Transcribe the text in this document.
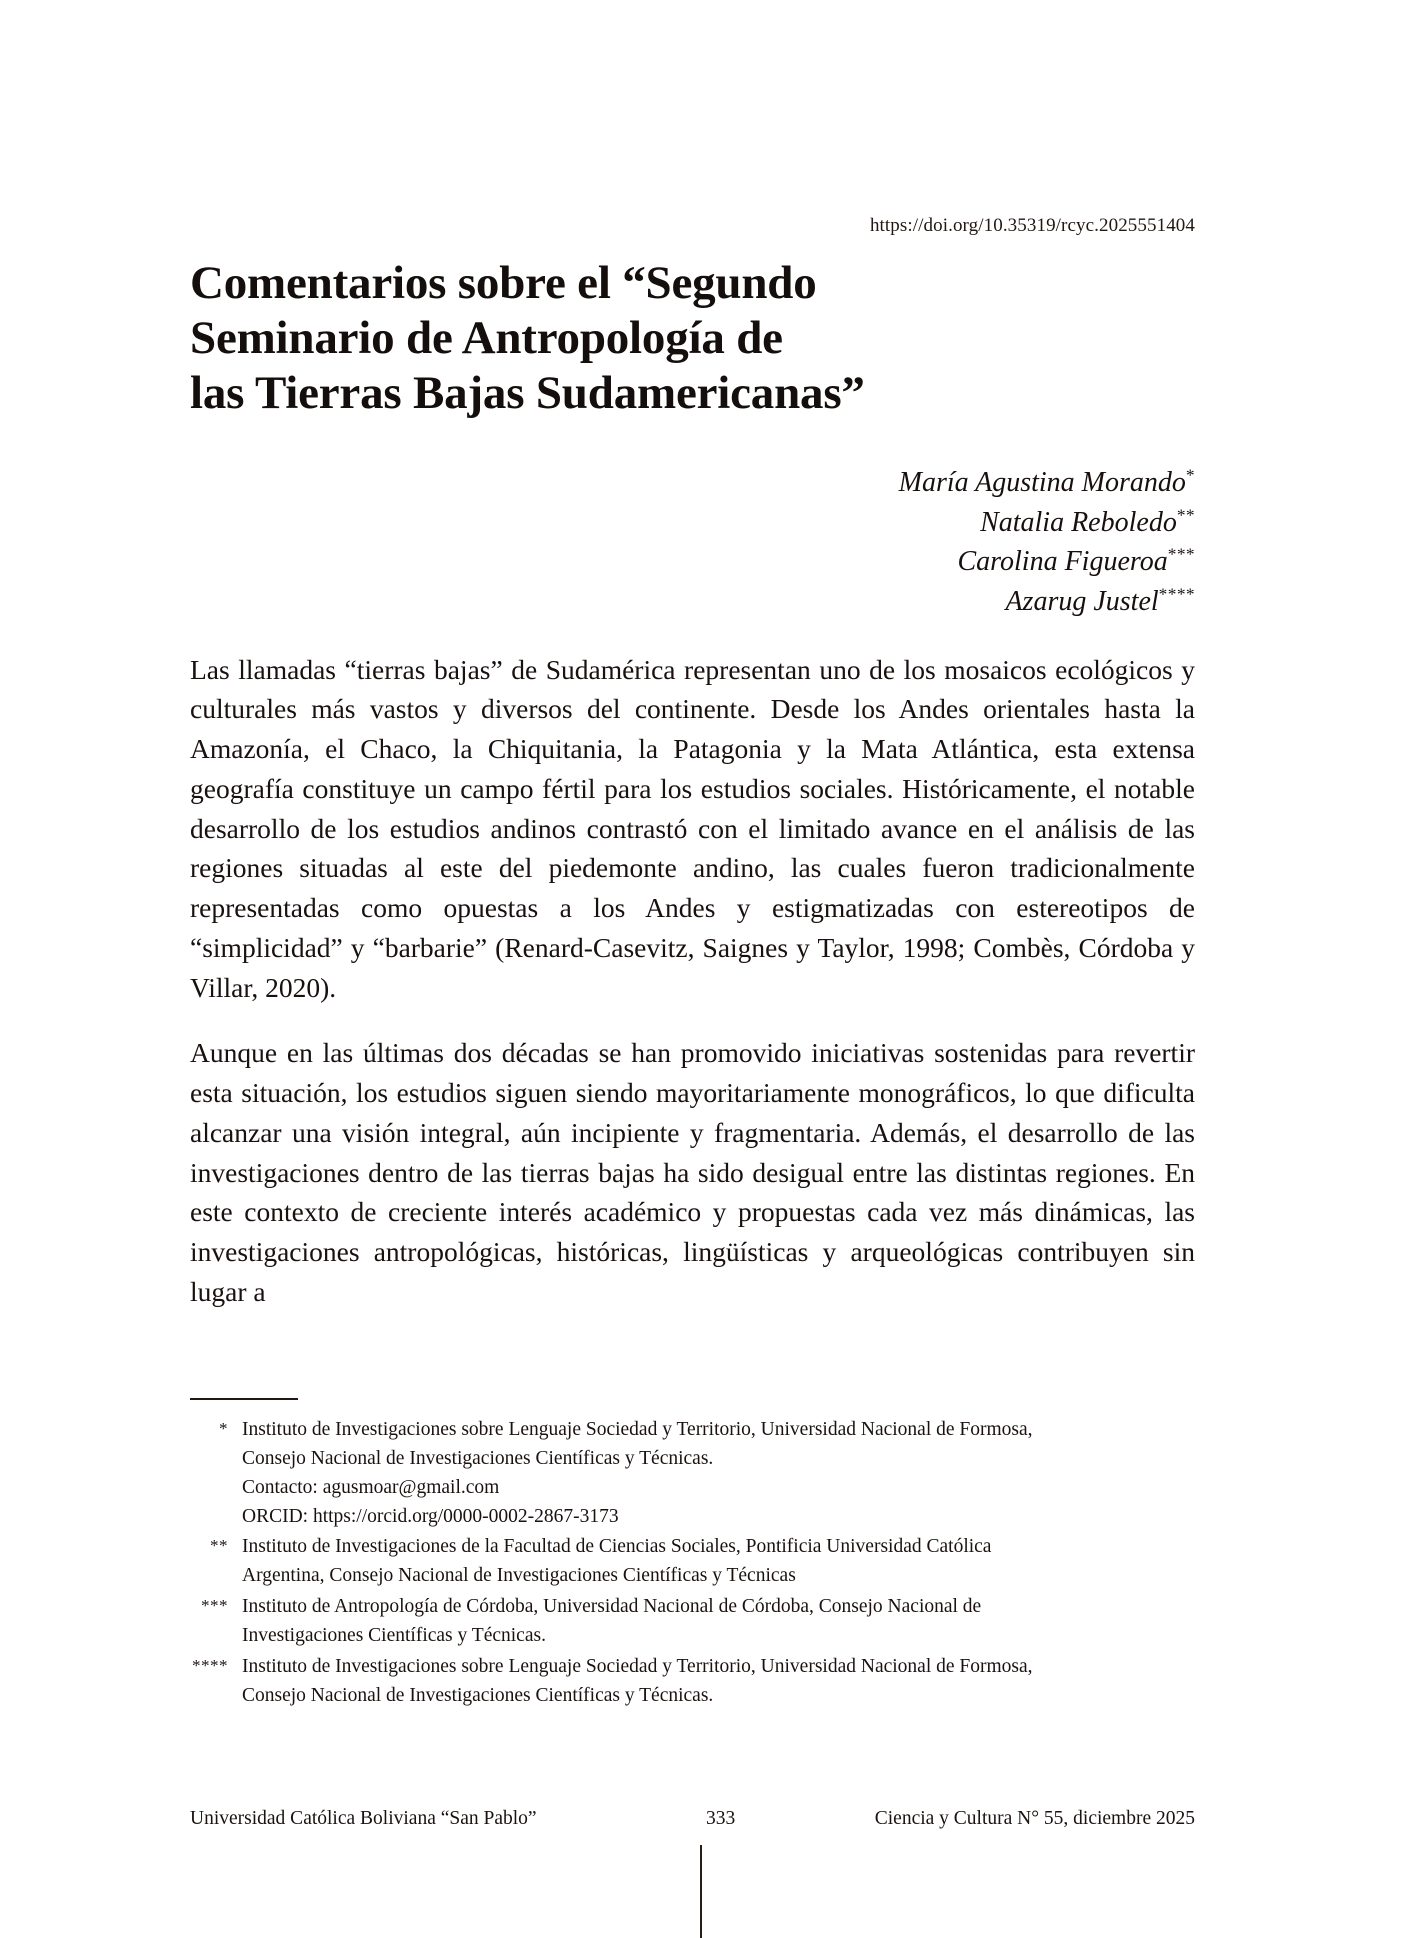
https://doi.org/10.35319/rcyc.2025551404
Comentarios sobre el “Segundo
Seminario de Antropología de
las Tierras Bajas Sudamericanas”
María Agustina Morando*
Natalia Reboledo**
Carolina Figueroa***
Azarug Justel****

Las llamadas “tierras bajas” de Sudamérica representan uno de los mosaicos ecológicos y culturales más vastos y diversos del continente. Desde los Andes orientales hasta la Amazonía, el Chaco, la Chiquitania, la Patagonia y la Mata Atlántica, esta extensa geografía constituye un campo fértil para los estudios sociales. Históricamente, el notable desarrollo de los estudios andinos contrastó con el limitado avance en el análisis de las regiones situadas al este del piedemonte andino, las cuales fueron tradicionalmente representadas como opuestas a los Andes y estigmatizadas con estereotipos de “simplicidad” y “barbarie” (Renard-Casevitz, Saignes y Taylor, 1998; Combès, Córdoba y Villar, 2020).

Aunque en las últimas dos décadas se han promovido iniciativas sostenidas para revertir esta situación, los estudios siguen siendo mayoritariamente monográficos, lo que dificulta alcanzar una visión integral, aún incipiente y fragmentaria. Además, el desarrollo de las investigaciones dentro de las tierras bajas ha sido desigual entre las distintas regiones. En este contexto de creciente interés académico y propuestas cada vez más dinámicas, las investigaciones antropológicas, históricas, lingüísticas y arqueológicas contribuyen sin lugar a

* Instituto de Investigaciones sobre Lenguaje Sociedad y Territorio, Universidad Nacional de Formosa,
Consejo Nacional de Investigaciones Científicas y Técnicas.
Contacto: agusmoar@gmail.com
ORCID: https://orcid.org/0000-0002-2867-3173
** Instituto de Investigaciones de la Facultad de Ciencias Sociales, Pontificia Universidad Católica
Argentina, Consejo Nacional de Investigaciones Científicas y Técnicas
*** Instituto de Antropología de Córdoba, Universidad Nacional de Córdoba, Consejo Nacional de
Investigaciones Científicas y Técnicas.
**** Instituto de Investigaciones sobre Lenguaje Sociedad y Territorio, Universidad Nacional de Formosa,
Consejo Nacional de Investigaciones Científicas y Técnicas.
Universidad Católica Boliviana “San Pablo”	333	Ciencia y Cultura N° 55, diciembre 2025
